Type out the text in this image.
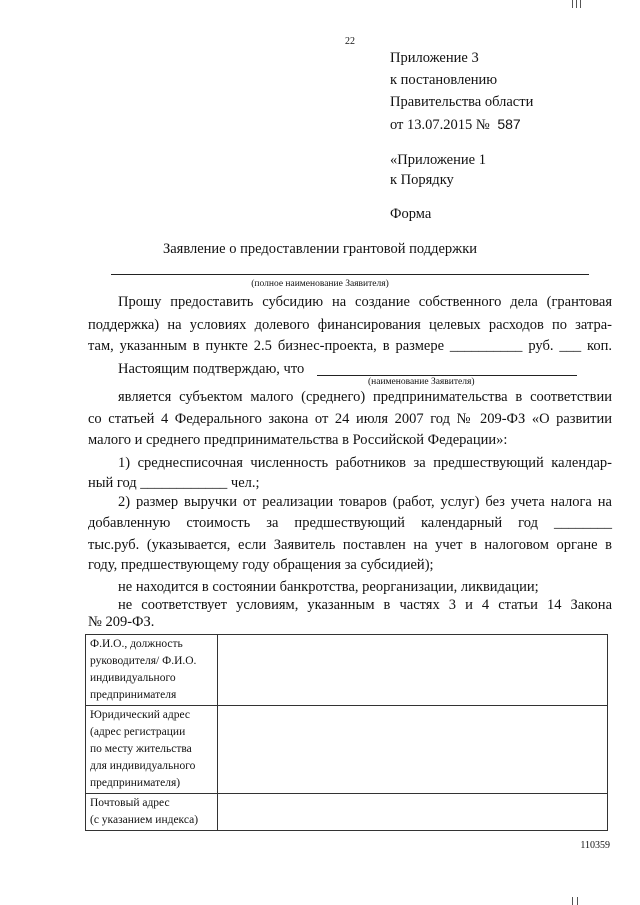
22
Приложение 3
к постановлению
Правительства области
от 13.07.2015 № 587
«Приложение 1
к Порядку
Форма
Заявление о предоставлении грантовой поддержки
(полное наименование Заявителя)
Прошу предоставить субсидию на создание собственного дела (грантовая
поддержка) на условиях долевого финансирования целевых расходов по затра-
там, указанным в пункте 2.5 бизнес-проекта, в размере __________ руб. ___ коп.
Настоящим подтверждаю, что
(наименование Заявителя)
является субъектом малого (среднего) предпринимательства в соответствии
со статьей 4 Федерального закона от 24 июля 2007 год № 209-ФЗ «О развитии
малого и среднего предпринимательства в Российской Федерации»:
1) среднесписочная численность работников за предшествующий календар-
ный год ____________ чел.;
2) размер выручки от реализации товаров (работ, услуг) без учета налога на
добавленную стоимость за предшествующий календарный год ________
тыс.руб. (указывается, если Заявитель поставлен на учет в налоговом органе в
году, предшествующему году обращения за субсидией);
не находится в состоянии банкротства, реорганизации, ликвидации;
не соответствует условиям, указанным в частях 3 и 4 статьи 14 Закона
№ 209-ФЗ.
Ф.И.О., должность
руководителя/ Ф.И.О.
индивидуального
предпринимателя	

Юридический адрес
(адрес регистрации
по месту жительства
для индивидуального
предпринимателя)	

Почтовый адрес
(с указанием индекса)	

110359
